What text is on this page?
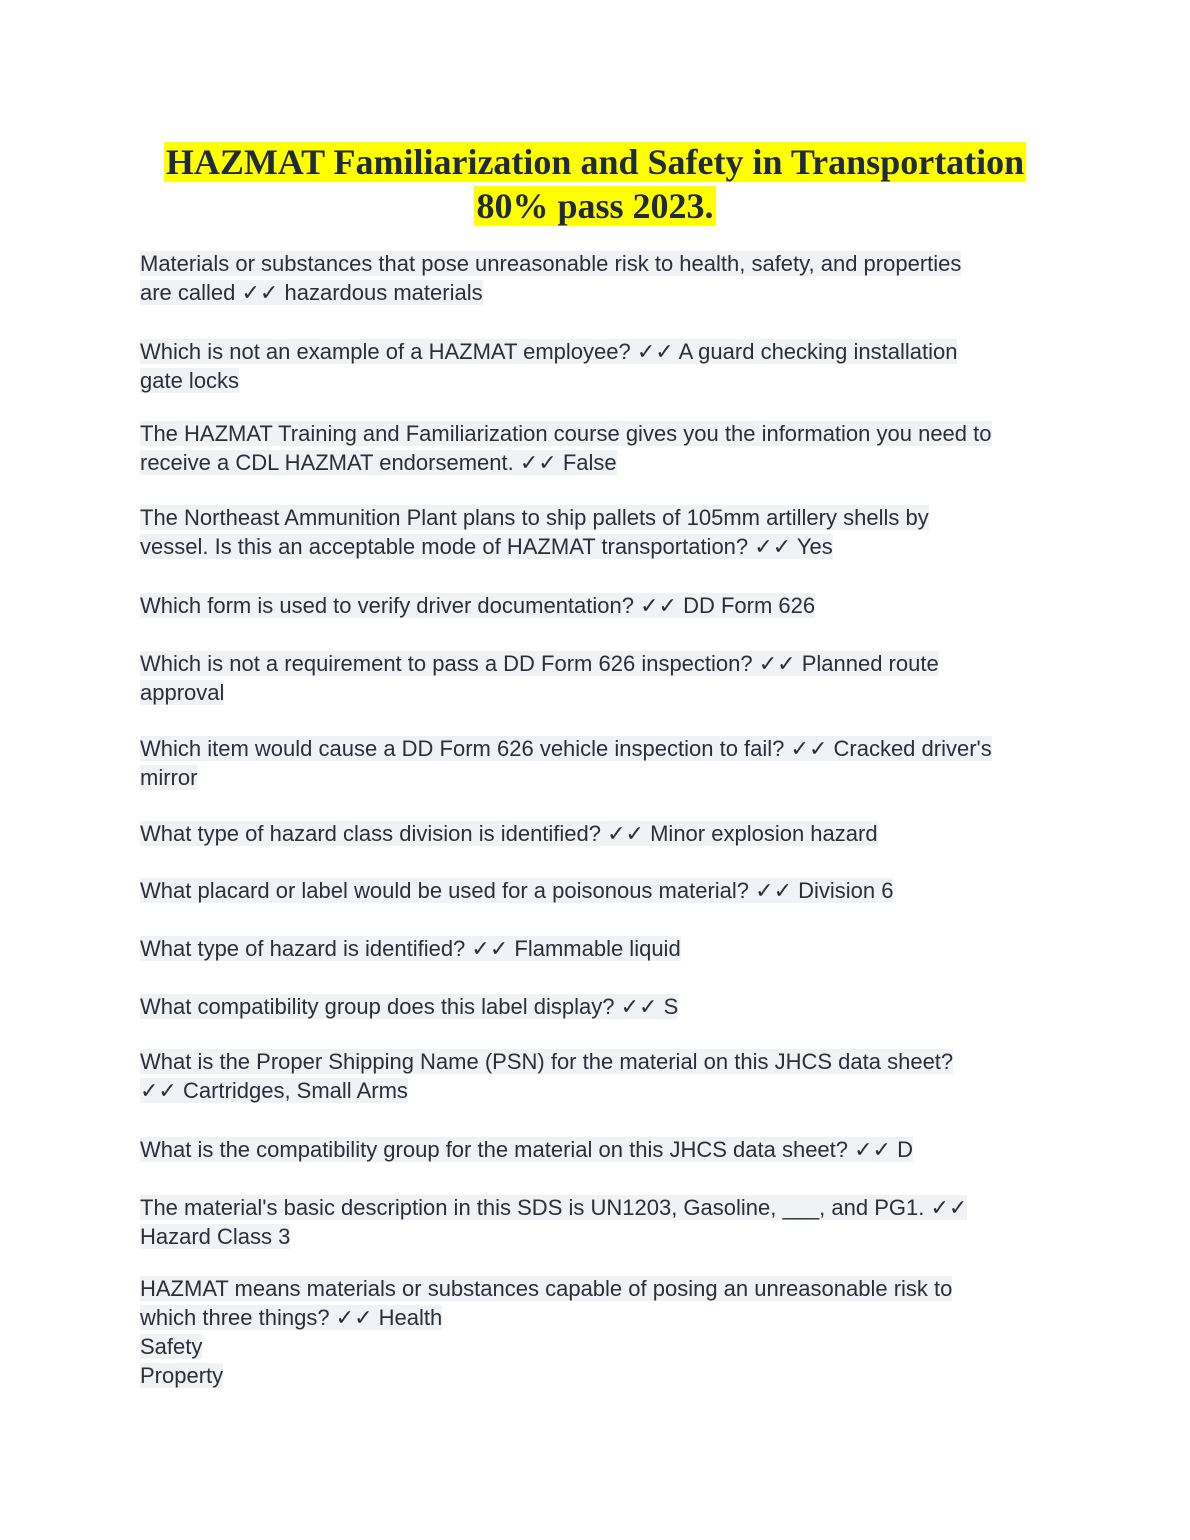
HAZMAT Familiarization and Safety in Transportation
80% pass 2023.
Materials or substances that pose unreasonable risk to health, safety, and properties
are called ✓✓ hazardous materials
Which is not an example of a HAZMAT employee? ✓✓ A guard checking installation
gate locks
The HAZMAT Training and Familiarization course gives you the information you need to
receive a CDL HAZMAT endorsement. ✓✓ False
The Northeast Ammunition Plant plans to ship pallets of 105mm artillery shells by
vessel. Is this an acceptable mode of HAZMAT transportation? ✓✓ Yes
Which form is used to verify driver documentation? ✓✓ DD Form 626
Which is not a requirement to pass a DD Form 626 inspection? ✓✓ Planned route
approval
Which item would cause a DD Form 626 vehicle inspection to fail? ✓✓ Cracked driver's
mirror
What type of hazard class division is identified? ✓✓ Minor explosion hazard
What placard or label would be used for a poisonous material? ✓✓ Division 6
What type of hazard is identified? ✓✓ Flammable liquid
What compatibility group does this label display? ✓✓ S
What is the Proper Shipping Name (PSN) for the material on this JHCS data sheet?
✓✓ Cartridges, Small Arms
What is the compatibility group for the material on this JHCS data sheet? ✓✓ D
The material's basic description in this SDS is UN1203, Gasoline, ___, and PG1. ✓✓
Hazard Class 3
HAZMAT means materials or substances capable of posing an unreasonable risk to
which three things? ✓✓ Health
Safety
Property
